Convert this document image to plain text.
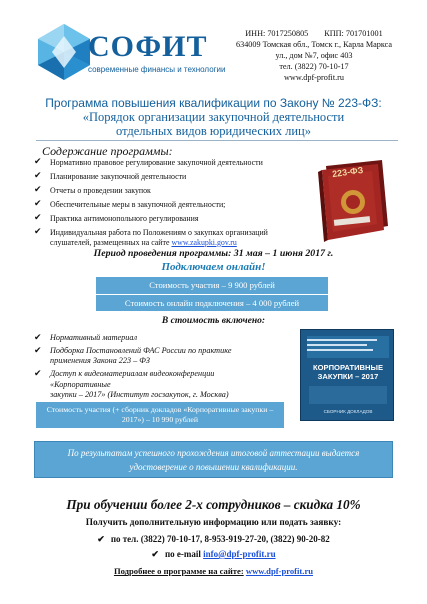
СОФИТ
современные финансы и технологии
ИНН: 7017250805 КПП: 701701001
634009 Томская обл., Томск г., Карла Маркса
ул., дом №7, офис 403
тел. (3822) 70-10-17
www.dpf-profit.ru
Программа повышения квалификации по Закону № 223-ФЗ:
«Порядок организации закупочной деятельности
отдельных видов юридических лиц»
Содержание программы:
✔ Нормативно правовое регулирование закупочной деятельности
✔ Планирование закупочной деятельности
✔ Отчеты о проведении закупок
✔ Обеспечительные меры в закупочной деятельности;
✔ Практика антимонопольного регулирования
✔ Индивидуальная работа по Положениям о закупках организаций
слушателей, размещенных на сайте www.zakupki.gov.ru
223-ФЗ
Период проведения программы: 31 мая – 1 июня 2017 г.
Подключаем онлайн!
Стоимость участия – 9 900 рублей
Стоимость онлайн подключения – 4 000 рублей
В стоимость включено:
✔ Нормативный материал
✔ Подборка Постановлений ФАС России по практике
применения Закона 223 – ФЗ
✔ Доступ к видеоматериалам видеоконференции «Корпоративные
закупки – 2017» (Институт госзакупок, г. Москва)
КОРПОРАТИВНЫЕ
ЗАКУПКИ – 2017
СБОРНИК ДОКЛАДОВ
Стоимость участия (+ сборник докладов «Корпоративные закупки –
2017») – 10 990 рублей
По результатам успешного прохождения итоговой аттестации выдается
удостоверение о повышении квалификации.
При обучении более 2-х сотрудников – скидка 10%
Получить дополнительную информацию или подать заявку:
✔ по тел. (3822) 70-10-17, 8-953-919-27-20, (3822) 90-20-82
✔ по e-mail info@dpf-profit.ru
Подробнее о программе на сайте: www.dpf-profit.ru
